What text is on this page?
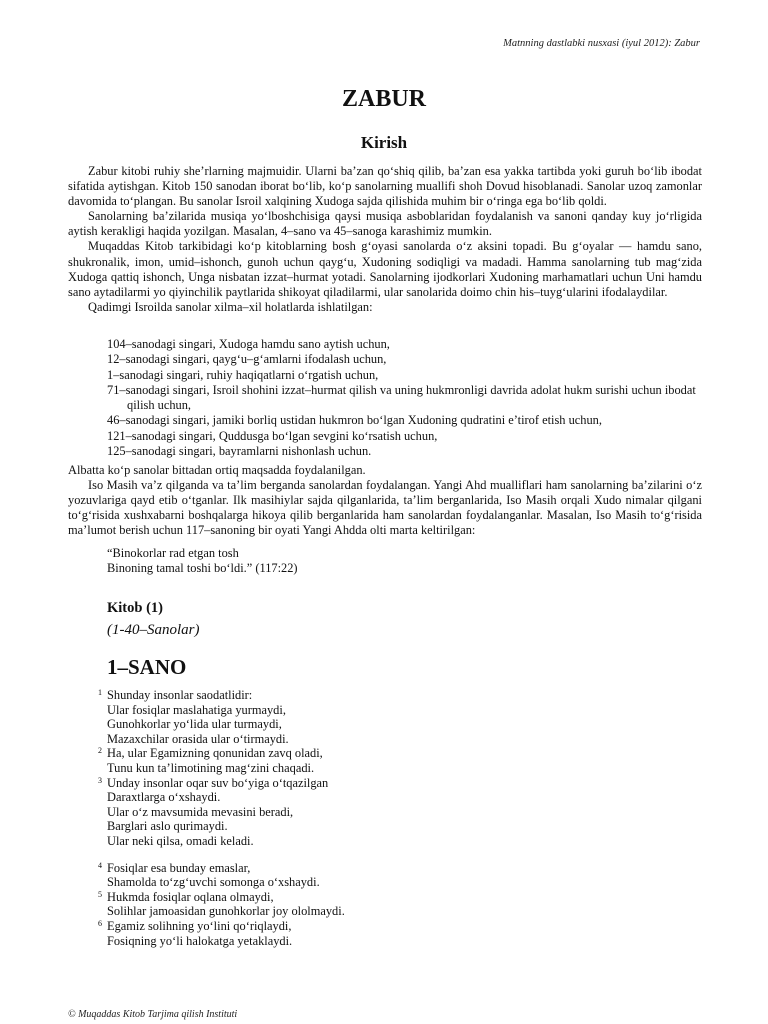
Matnning dastlabki nusxasi (iyul 2012): Zabur
ZABUR
Kirish

Zabur kitobi ruhiy she’rlarning majmuidir. Ularni ba’zan qo‘shiq qilib, ba’zan esa yakka tartibda yoki guruh bo‘lib ibodat sifatida aytishgan. Kitob 150 sanodan iborat bo‘lib, ko‘p sanolarning muallifi shoh Dovud hisoblanadi. Sanolar uzoq zamonlar davomida to‘plangan. Bu sanolar Isroil xalqining Xudoga sajda qilishida muhim bir o‘ringa ega bo‘lib qoldi.

Sanolarning ba’zilarida musiqa yo‘lboshchisiga qaysi musiqa asboblaridan foydalanish va sanoni qanday kuy jo‘rligida aytish kerakligi haqida yozilgan. Masalan, 4–sano va 45–sanoga karashimiz mumkin.

Muqaddas Kitob tarkibidagi ko‘p kitoblarning bosh g‘oyasi sanolarda o‘z aksini topadi. Bu g‘oyalar — hamdu sano, shukronalik, imon, umid–ishonch, gunoh uchun qayg‘u, Xudoning sodiqligi va madadi. Hamma sanolarning tub mag‘zida Xudoga qattiq ishonch, Unga nisbatan izzat–hurmat yotadi. Sanolarning ijodkorlari Xudoning marhamatlari uchun Uni hamdu sano aytadilarmi yo qiyinchilik paytlarida shikoyat qiladilarmi, ular sanolarida doimo chin his–tuyg‘ularini ifodalaydilar.

Qadimgi Isroilda sanolar xilma–xil holatlarda ishlatilgan:

104–sanodagi singari, Xudoga hamdu sano aytish uchun,
12–sanodagi singari, qayg‘u–g‘amlarni ifodalash uchun,
1–sanodagi singari, ruhiy haqiqatlarni o‘rgatish uchun,
71–sanodagi singari, Isroil shohini izzat–hurmat qilish va uning hukmronligi davrida adolat hukm surishi uchun ibodat qilish uchun,
46–sanodagi singari, jamiki borliq ustidan hukmron bo‘lgan Xudoning qudratini e’tirof etish uchun,
121–sanodagi singari, Quddusga bo‘lgan sevgini ko‘rsatish uchun,
125–sanodagi singari, bayramlarni nishonlash uchun.

Albatta ko‘p sanolar bittadan ortiq maqsadda foydalanilgan.

Iso Masih va’z qilganda va ta’lim berganda sanolardan foydalangan. Yangi Ahd mualliflari ham sanolarning ba’zilarini o‘z yozuvlariga qayd etib o‘tganlar. Ilk masihiylar sajda qilganlarida, ta’lim berganlarida, Iso Masih orqali Xudo nimalar qilgani to‘g‘risida xushxabarni boshqalarga hikoya qilib berganlarida ham sanolardan foydalanganlar. Masalan, Iso Masih to‘g‘risida ma’lumot berish uchun 117–sanoning bir oyati Yangi Ahdda olti marta keltirilgan:

“Binokorlar rad etgan tosh
Binoning tamal toshi bo‘ldi.” (117:22)
Kitob (1)
(1-40–Sanolar)
1–SANO
1 Shunday insonlar saodatlidir:
Ular fosiqlar maslahatiga yurmaydi,
Gunohkorlar yo‘lida ular turmaydi,
Mazaxchilar orasida ular o‘tirmaydi.
2 Ha, ular Egamizning qonunidan zavq oladi,
Tunu kun ta’limotining mag‘zini chaqadi.
3 Unday insonlar oqar suv bo‘yiga o‘tqazilgan
Daraxtlarga o‘xshaydi.
Ular o‘z mavsumida mevasini beradi,
Barglari aslo qurimaydi.
Ular neki qilsa, omadi keladi.
4 Fosiqlar esa bunday emaslar,
Shamolda to‘zg‘uvchi somonga o‘xshaydi.
5 Hukmda fosiqlar oqlana olmaydi,
Solihlar jamoasidan gunohkorlar joy ololmaydi.
6 Egamiz solihning yo‘lini qo‘riqlaydi,
Fosiqning yo‘li halokatga yetaklaydi.
© Muqaddas Kitob Tarjima qilish Instituti
